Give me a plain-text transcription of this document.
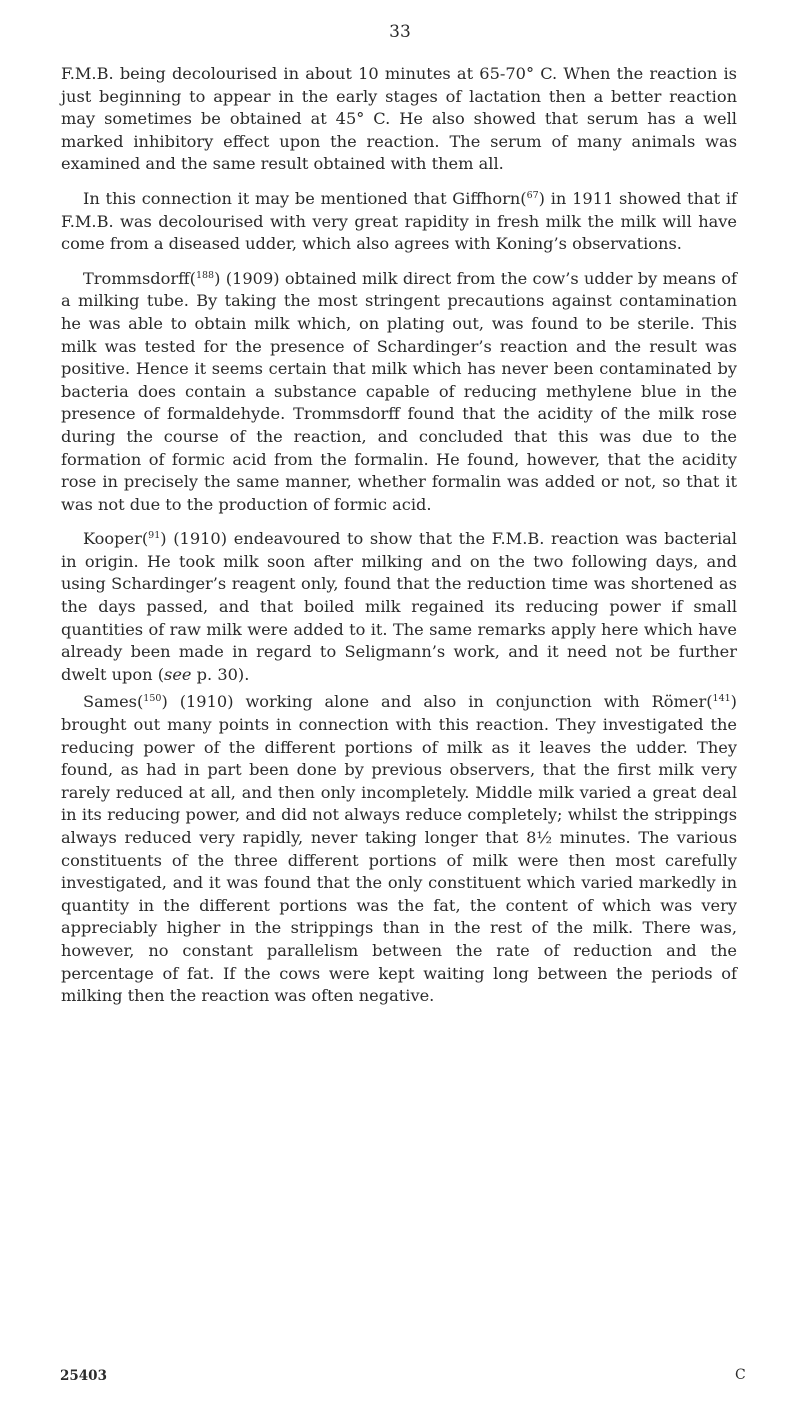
33

F.M.B. being decolourised in about 10 minutes at 65-70° C. When the reaction is just beginning to appear in the early stages of lactation then a better reaction may sometimes be obtained at 45° C. He also showed that serum has a well marked inhibitory effect upon the reaction. The serum of many animals was examined and the same result obtained with them all.

In this connection it may be mentioned that Giffhorn($^{67}$) in 1911 showed that if F.M.B. was decolourised with very great rapidity in fresh milk the milk will have come from a diseased udder, which also agrees with Koning’s observations.

Trommsdorff($^{188}$) (1909) obtained milk direct from the cow’s udder by means of a milking tube. By taking the most stringent precautions against contamination he was able to obtain milk which, on plating out, was found to be sterile. This milk was tested for the presence of Schardinger’s reaction and the result was positive. Hence it seems certain that milk which has never been contaminated by bacteria does contain a substance capable of reducing methylene blue in the presence of formaldehyde. Trommsdorff found that the acidity of the milk rose during the course of the reaction, and concluded that this was due to the formation of formic acid from the formalin. He found, however, that the acidity rose in precisely the same manner, whether formalin was added or not, so that it was not due to the production of formic acid.

Kooper($^{91}$) (1910) endeavoured to show that the F.M.B. reaction was bacterial in origin. He took milk soon after milking and on the two following days, and using Schardinger’s reagent only, found that the reduction time was shortened as the days passed, and that boiled milk regained its reducing power if small quantities of raw milk were added to it. The same remarks apply here which have already been made in regard to Seligmann’s work, and it need not be further dwelt upon (see p. 30).

Sames($^{150}$) (1910) working alone and also in conjunction with Römer($^{141}$) brought out many points in connection with this reaction. They investigated the reducing power of the different portions of milk as it leaves the udder. They found, as had in part been done by previous observers, that the first milk very rarely reduced at all, and then only incompletely. Middle milk varied a great deal in its reducing power, and did not always reduce completely; whilst the strippings always reduced very rapidly, never taking longer that 8½ minutes. The various constituents of the three different portions of milk were then most carefully investigated, and it was found that the only constituent which varied markedly in quantity in the different portions was the fat, the content of which was very appreciably higher in the strippings than in the rest of the milk. There was, however, no constant parallelism between the rate of reduction and the percentage of fat. If the cows were kept waiting long between the periods of milking then the reaction was often negative.

25403	C
